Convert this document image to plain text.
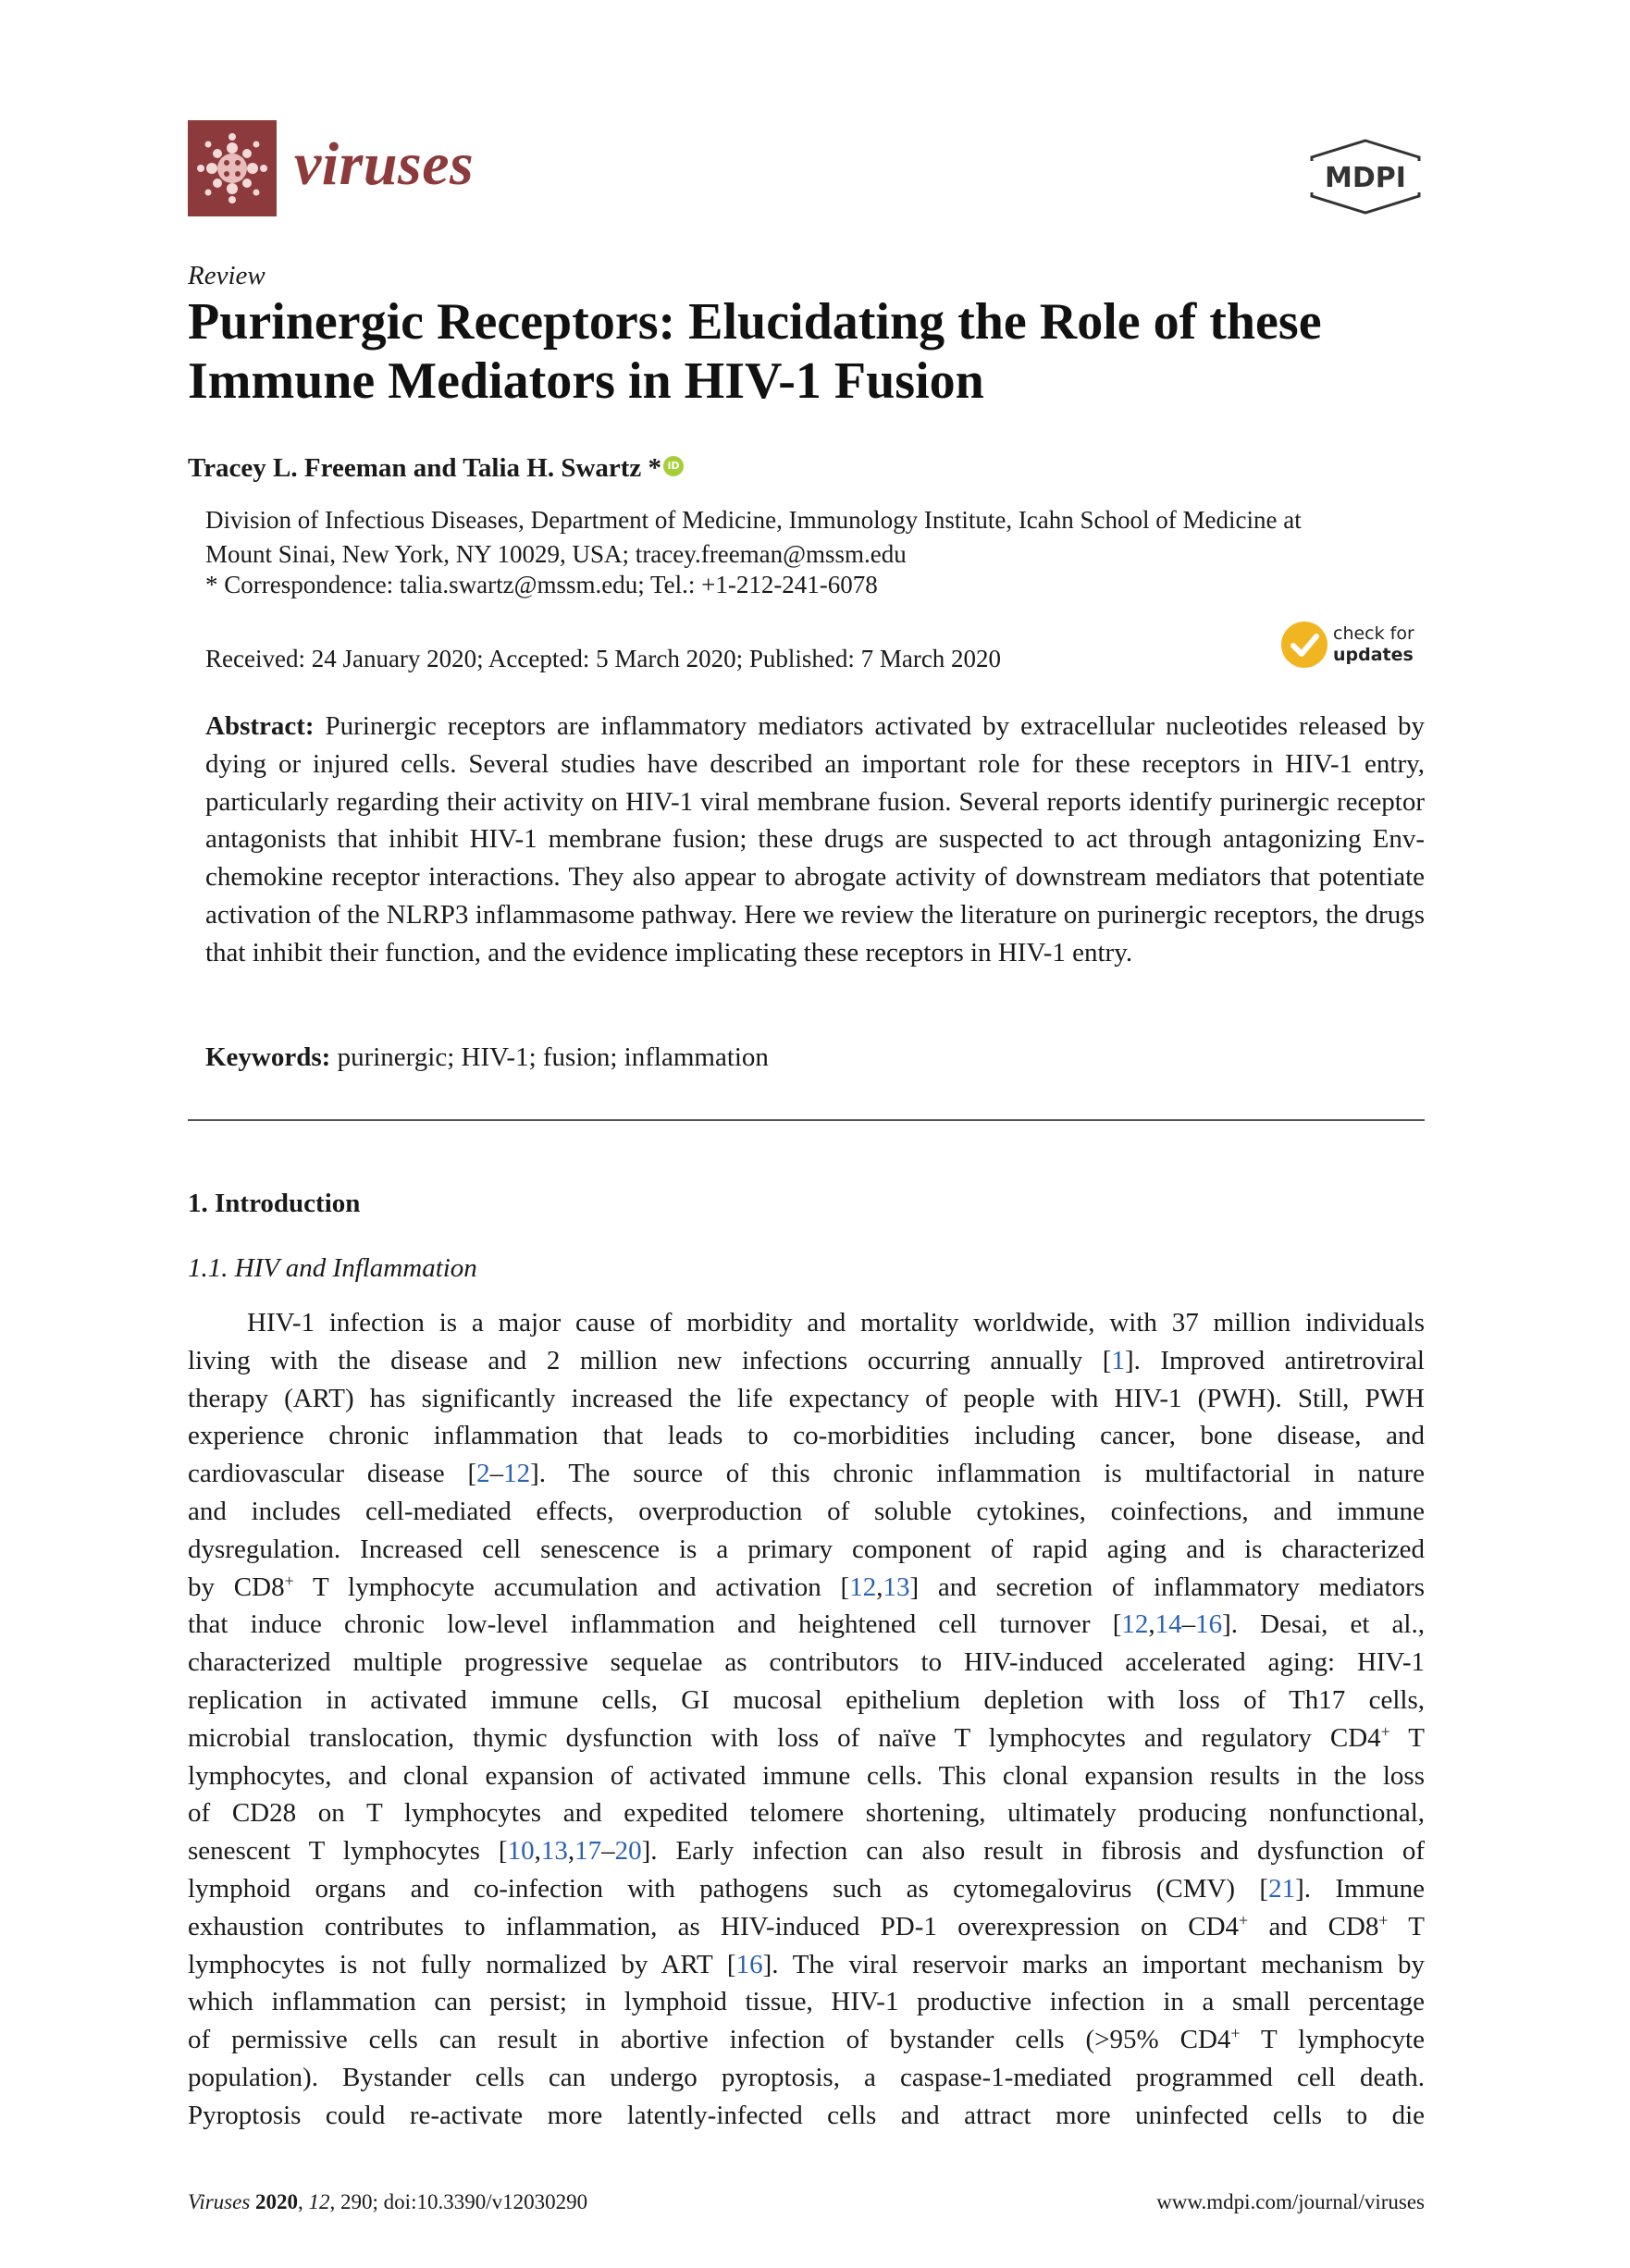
viruses	MDPI
Review
Purinergic Receptors: Elucidating the Role of these
Immune Mediators in HIV-1 Fusion
Tracey L. Freeman and Talia H. Swartz * iD
Division of Infectious Diseases, Department of Medicine, Immunology Institute, Icahn School of Medicine at
Mount Sinai, New York, NY 10029, USA; tracey.freeman@mssm.edu
* Correspondence: talia.swartz@mssm.edu; Tel.: +1-212-241-6078
Received: 24 January 2020; Accepted: 5 March 2020; Published: 7 March 2020
check for
updates
Abstract: Purinergic receptors are inflammatory mediators activated by extracellular nucleotides released by dying or injured cells. Several studies have described an important role for these receptors in HIV-1 entry, particularly regarding their activity on HIV-1 viral membrane fusion. Several reports identify purinergic receptor antagonists that inhibit HIV-1 membrane fusion; these drugs are suspected to act through antagonizing Env-chemokine receptor interactions. They also appear to abrogate activity of downstream mediators that potentiate activation of the NLRP3 inflammasome pathway. Here we review the literature on purinergic receptors, the drugs that inhibit their function, and the evidence implicating these receptors in HIV-1 entry.
Keywords: purinergic; HIV-1; fusion; inflammation
1. Introduction
1.1. HIV and Inflammation
HIV-1 infection is a major cause of morbidity and mortality worldwide, with 37 million individuals
living with the disease and 2 million new infections occurring annually [1]. Improved antiretroviral
therapy (ART) has significantly increased the life expectancy of people with HIV-1 (PWH). Still, PWH
experience chronic inflammation that leads to co-morbidities including cancer, bone disease, and
cardiovascular disease [2–12]. The source of this chronic inflammation is multifactorial in nature
and includes cell-mediated effects, overproduction of soluble cytokines, coinfections, and immune
dysregulation. Increased cell senescence is a primary component of rapid aging and is characterized
by CD8+ T lymphocyte accumulation and activation [12,13] and secretion of inflammatory mediators
that induce chronic low-level inflammation and heightened cell turnover [12,14–16]. Desai, et al.,
characterized multiple progressive sequelae as contributors to HIV-induced accelerated aging: HIV-1
replication in activated immune cells, GI mucosal epithelium depletion with loss of Th17 cells,
microbial translocation, thymic dysfunction with loss of naïve T lymphocytes and regulatory CD4+ T
lymphocytes, and clonal expansion of activated immune cells. This clonal expansion results in the loss
of CD28 on T lymphocytes and expedited telomere shortening, ultimately producing nonfunctional,
senescent T lymphocytes [10,13,17–20]. Early infection can also result in fibrosis and dysfunction of
lymphoid organs and co-infection with pathogens such as cytomegalovirus (CMV) [21]. Immune
exhaustion contributes to inflammation, as HIV-induced PD-1 overexpression on CD4+ and CD8+ T
lymphocytes is not fully normalized by ART [16]. The viral reservoir marks an important mechanism by
which inflammation can persist; in lymphoid tissue, HIV-1 productive infection in a small percentage
of permissive cells can result in abortive infection of bystander cells (>95% CD4+ T lymphocyte
population). Bystander cells can undergo pyroptosis, a caspase-1-mediated programmed cell death.
Pyroptosis could re-activate more latently-infected cells and attract more uninfected cells to die
Viruses 2020, 12, 290; doi:10.3390/v12030290	www.mdpi.com/journal/viruses
